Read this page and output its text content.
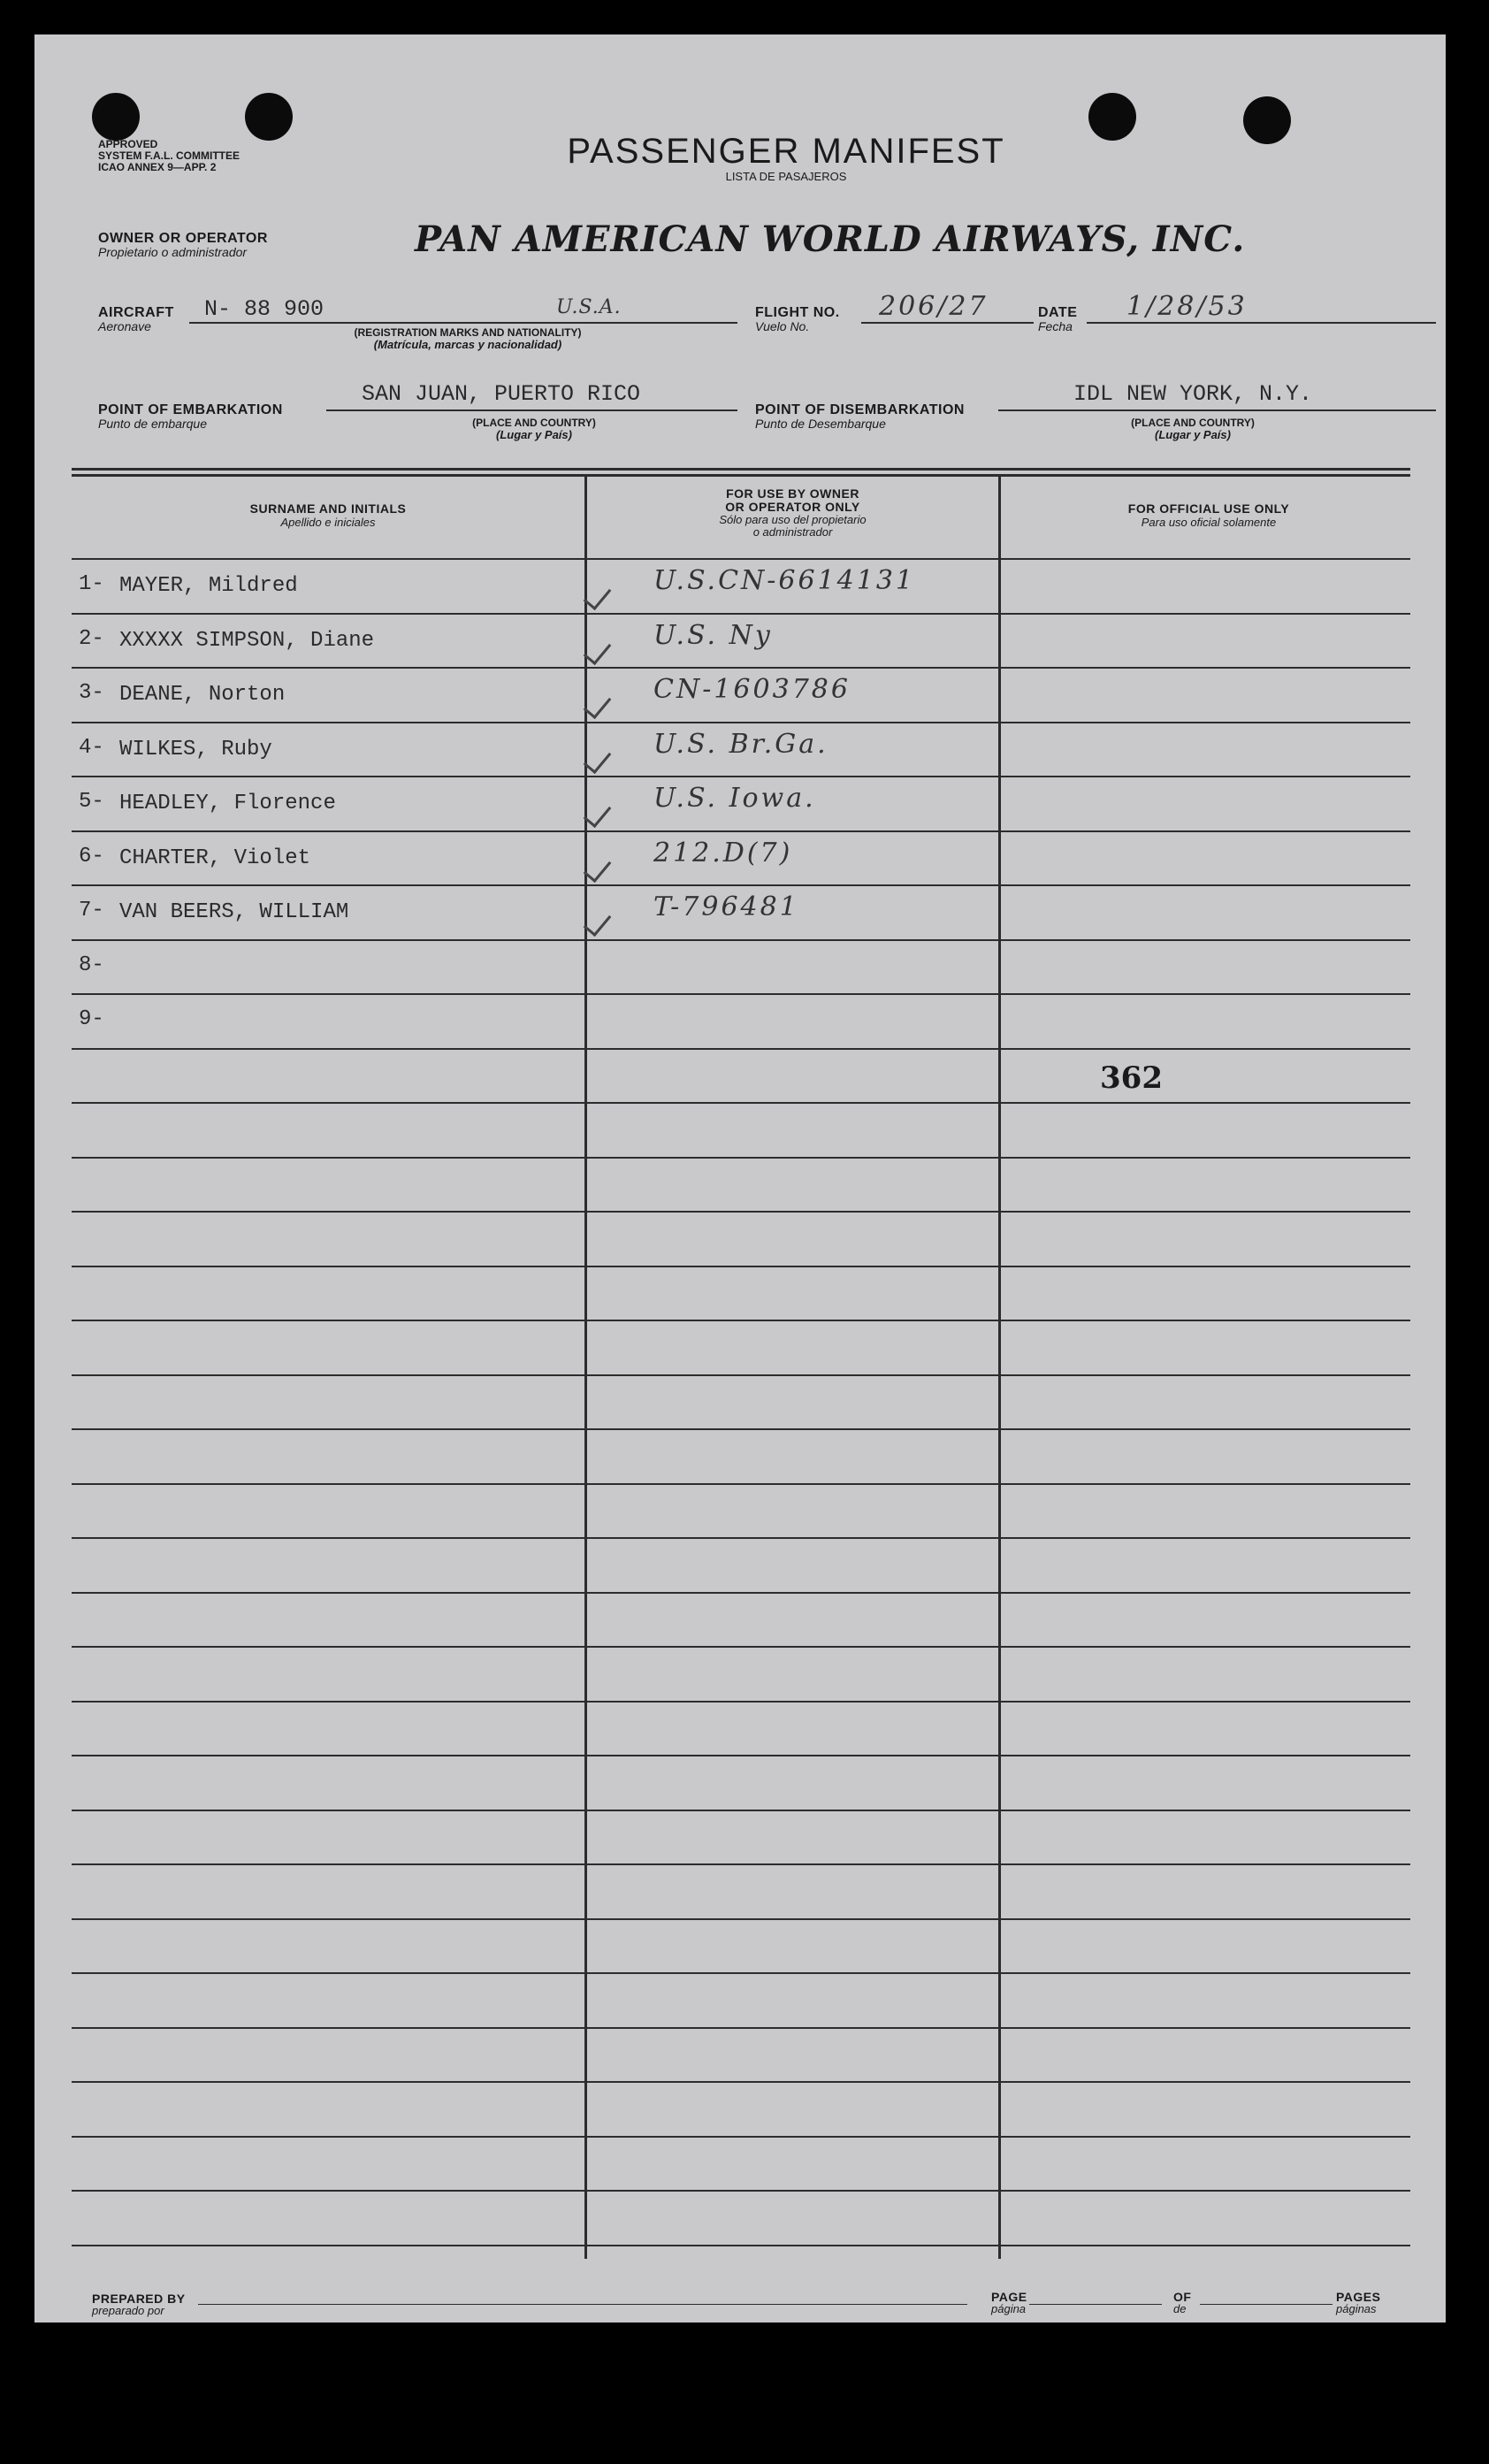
APPROVED
SYSTEM F.A.L. COMMITTEE
ICAO ANNEX 9—APP. 2	PASSENGER MANIFEST
LISTA DE PASAJEROS
OWNER OR OPERATOR
Propietario o administrador	PAN AMERICAN WORLD AIRWAYS, INC.
AIRCRAFT
Aeronave
N- 88 900	U.S.A.
(REGISTRATION MARKS AND NATIONALITY)
(Matrícula, marcas y nacionalidad)
FLIGHT NO.
Vuelo No.
206/27	DATE
Fecha
1/28/53
POINT OF EMBARKATION
Punto de embarque
SAN JUAN, PUERTO RICO
(PLACE AND COUNTRY)
(Lugar y País)
POINT OF DISEMBARKATION
Punto de Desembarque
IDL NEW YORK, N.Y.
(PLACE AND COUNTRY)
(Lugar y País)
SURNAME AND INITIALS
Apellido e iniciales
FOR USE BY OWNER
OR OPERATOR ONLY
Sólo para uso del propietario
o administrador
FOR OFFICIAL USE ONLY
Para uso oficial solamente
1- MAYER, Mildred	U.S.CN-6614131
2- XXXXX SIMPSON, Diane	U.S. Ny
3- DEANE, Norton	CN-1603786
4- WILKES, Ruby	U.S. Br.Ga.
5- HEADLEY, Florence	U.S. Iowa.
6- CHARTER, Violet	212.D(7)
7- VAN BEERS, WILLIAM	T-796481
8-
9-
362
PREPARED BY
preparado por
PAGE
página
OF
de
PAGES
páginas
